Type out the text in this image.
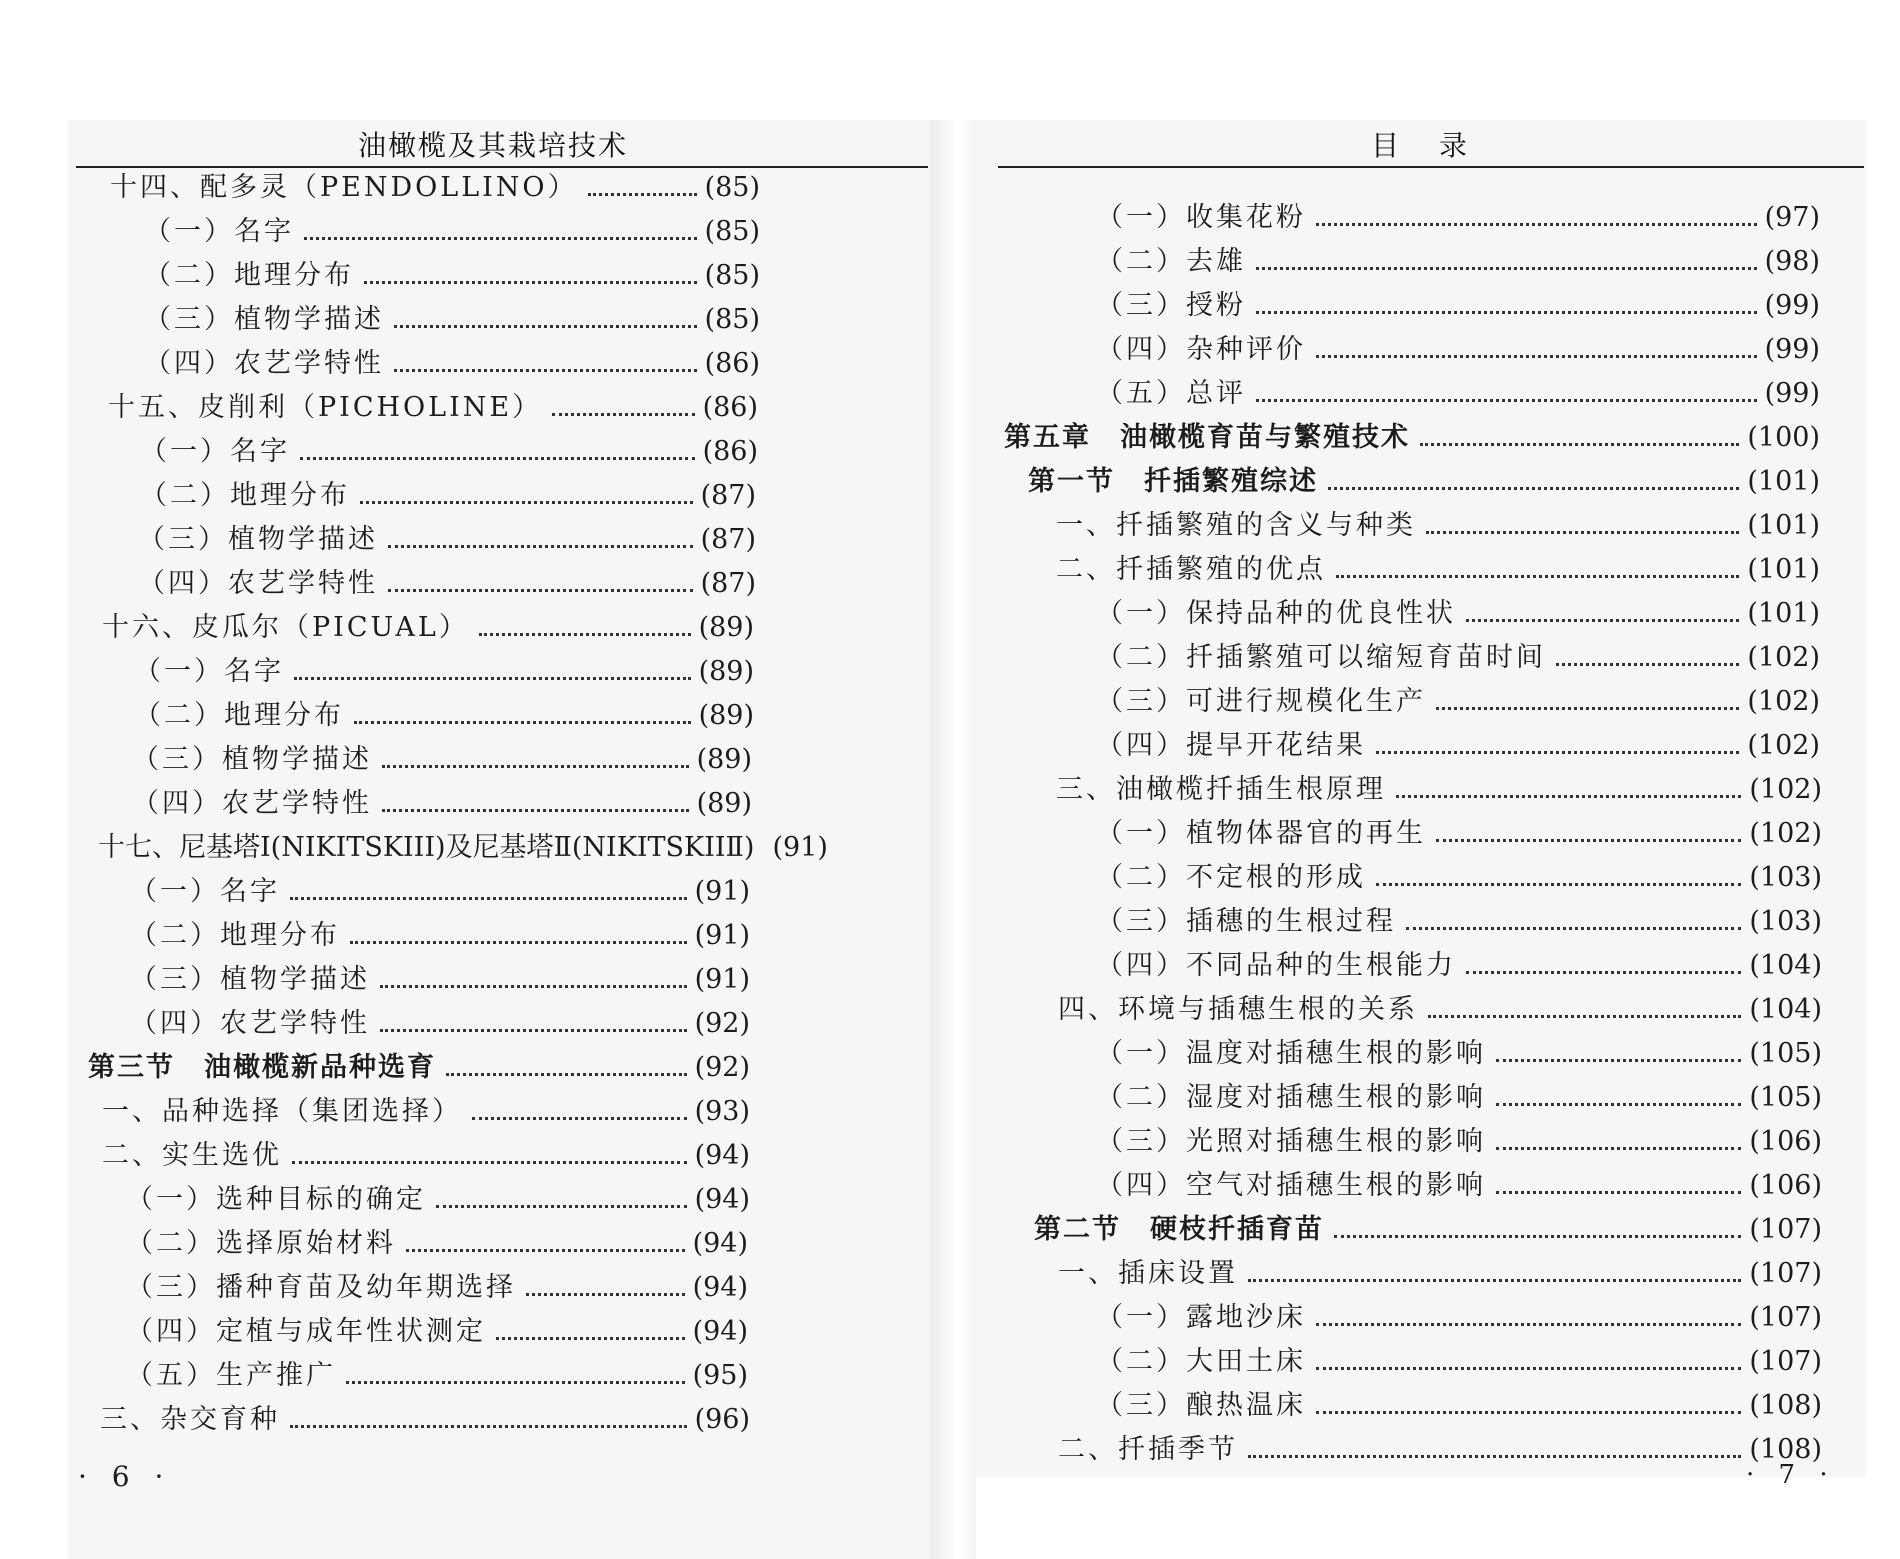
油橄榄及其栽培技术
十四、配多灵（PENDOLLINO）	(85)
（一）名字	(85)
（二）地理分布	(85)
（三）植物学描述	(85)
（四）农艺学特性	(86)
十五、皮削利（PICHOLINE）	(86)
（一）名字	(86)
（二）地理分布	(87)
（三）植物学描述	(87)
（四）农艺学特性	(87)
十六、皮瓜尔（PICUAL）	(89)
（一）名字	(89)
（二）地理分布	(89)
（三）植物学描述	(89)
（四）农艺学特性	(89)
十七、尼基塔Ⅰ(NIKITSKIIⅠ)及尼基塔Ⅱ(NIKITSKIIⅡ) (91)
（一）名字	(91)
（二）地理分布	(91)
（三）植物学描述	(91)
（四）农艺学特性	(92)
第三节　油橄榄新品种选育	(92)
一、品种选择（集团选择）	(93)
二、实生选优	(94)
（一）选种目标的确定	(94)
（二）选择原始材料	(94)
（三）播种育苗及幼年期选择	(94)
（四）定植与成年性状测定	(94)
（五）生产推广	(95)
三、杂交育种	(96)
· 6 ·
目　录
（一）收集花粉	(97)
（二）去雄	(98)
（三）授粉	(99)
（四）杂种评价	(99)
（五）总评	(99)
第五章　油橄榄育苗与繁殖技术	(100)
第一节　扦插繁殖综述	(101)
一、扦插繁殖的含义与种类	(101)
二、扦插繁殖的优点	(101)
（一）保持品种的优良性状	(101)
（二）扦插繁殖可以缩短育苗时间	(102)
（三）可进行规模化生产	(102)
（四）提早开花结果	(102)
三、油橄榄扦插生根原理	(102)
（一）植物体器官的再生	(102)
（二）不定根的形成	(103)
（三）插穗的生根过程	(103)
（四）不同品种的生根能力	(104)
四、环境与插穗生根的关系	(104)
（一）温度对插穗生根的影响	(105)
（二）湿度对插穗生根的影响	(105)
（三）光照对插穗生根的影响	(106)
（四）空气对插穗生根的影响	(106)
第二节　硬枝扦插育苗	(107)
一、插床设置	(107)
（一）露地沙床	(107)
（二）大田土床	(107)
（三）酿热温床	(108)
二、扦插季节	(108)
· 7 ·
